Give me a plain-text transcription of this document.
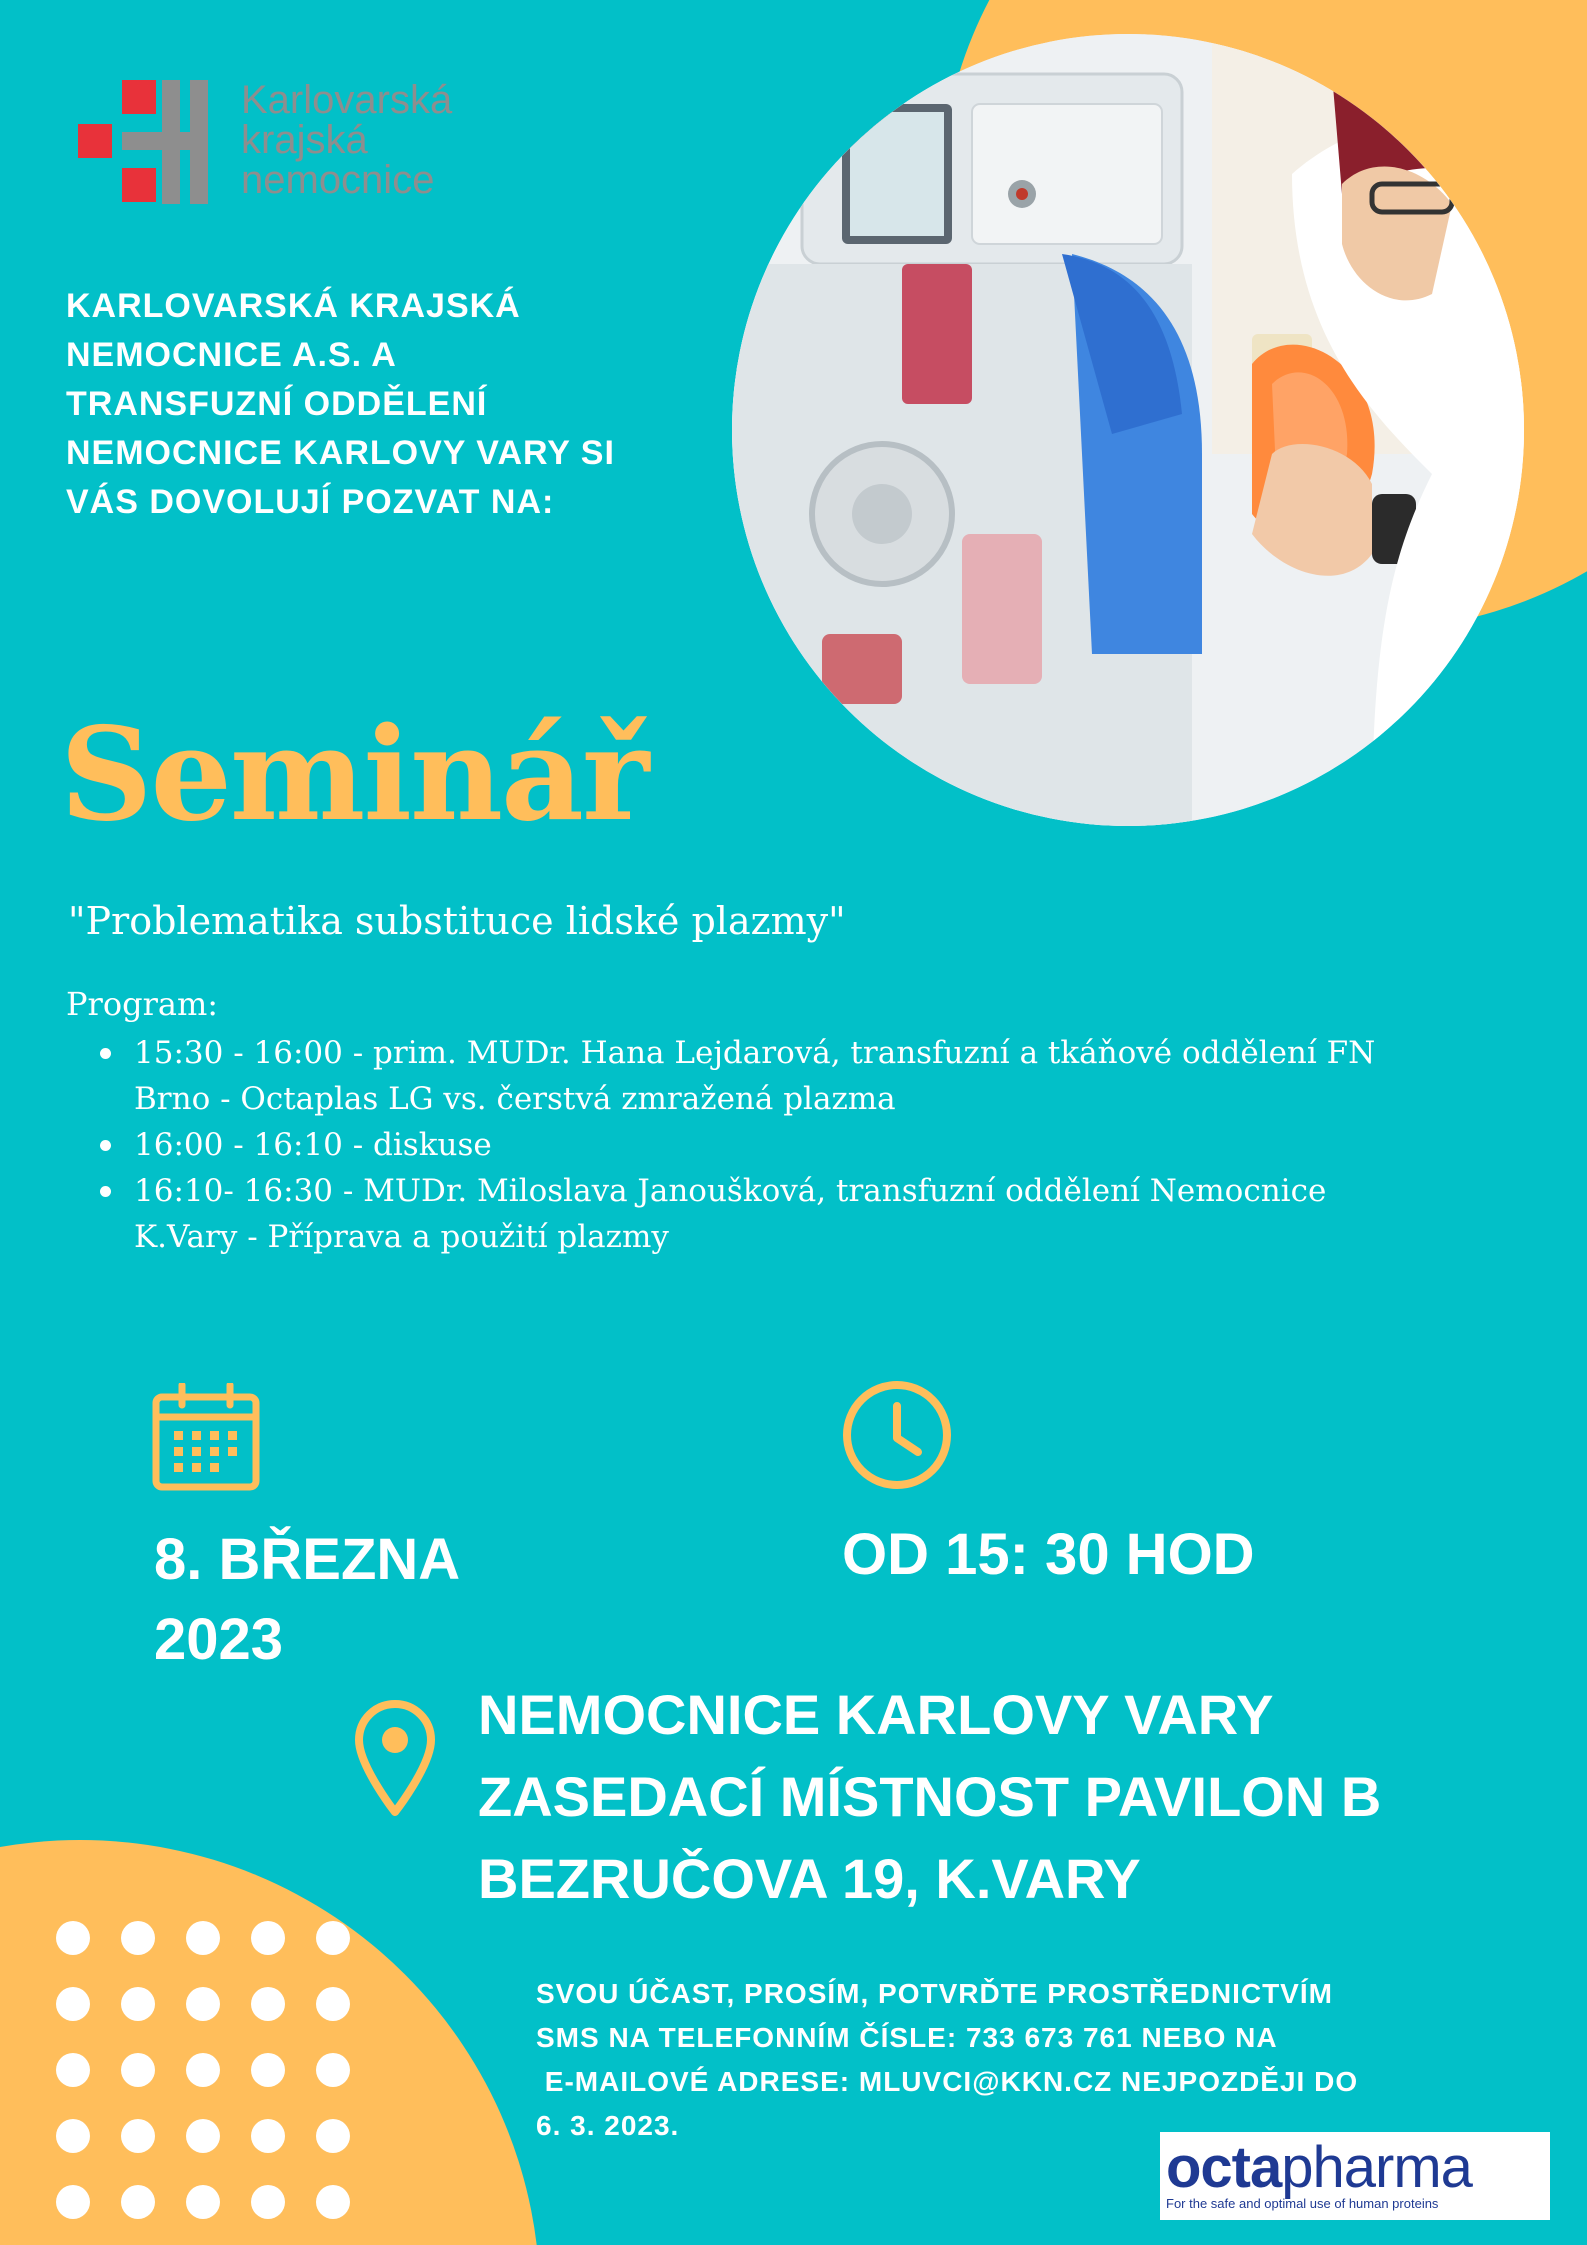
Karlovarská
krajská
nemocnice

KARLOVARSKÁ KRAJSKÁ NEMOCNICE A.S. A TRANSFUZNÍ ODDĚLENÍ NEMOCNICE KARLOVY VARY SI VÁS DOVOLUJÍ POZVAT NA:

Seminář

"Problematika substituce lidské plazmy"

Program:

15:30 - 16:00 - prim. MUDr. Hana Lejdarová, transfuzní a tkáňové oddělení FN Brno - Octaplas LG vs. čerstvá zmražená plazma
16:00 - 16:10 - diskuse
16:10- 16:30 - MUDr. Miloslava Janoušková, transfuzní oddělení Nemocnice K.Vary - Příprava a použití plazmy
8. BŘEZNA
2023
OD 15: 30 HOD
NEMOCNICE KARLOVY VARY
ZASEDACÍ MÍSTNOST PAVILON B
BEZRUČOVA 19, K.VARY
SVOU ÚČAST, PROSÍM, POTVRĎTE PROSTŘEDNICTVÍM
SMS NA TELEFONNÍM ČÍSLE: 733 673 761 NEBO NA
E-MAILOVÉ ADRESE: MLUVCI@KKN.CZ NEJPOZDĚJI DO
6. 3. 2023.
octapharma
For the safe and optimal use of human proteins
